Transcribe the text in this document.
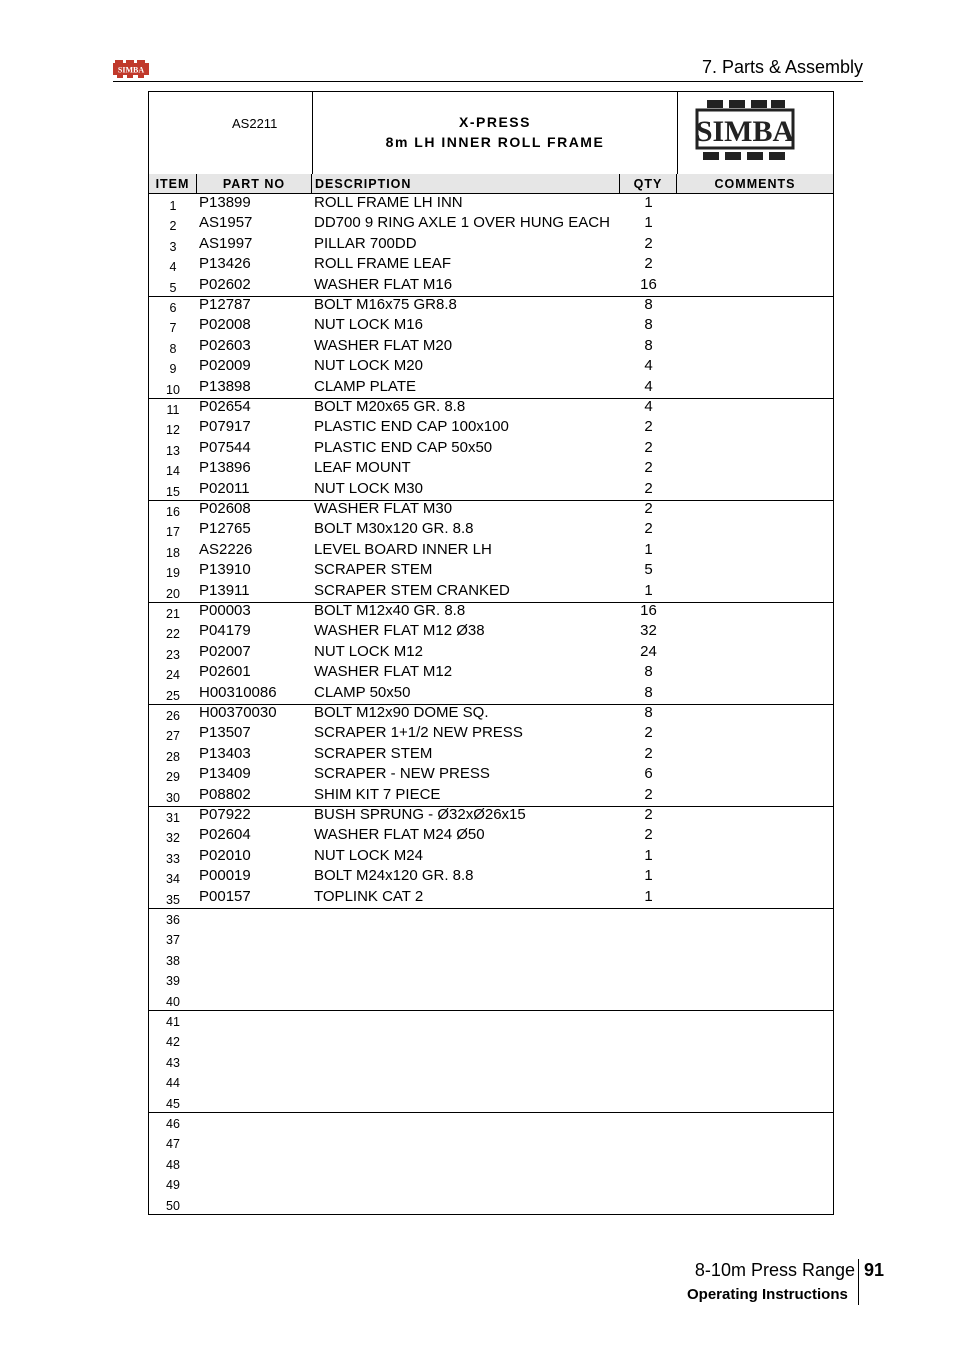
SIMBA	7. Parts & Assembly
AS2211	X-PRESS
8m LH INNER ROLL FRAME	SIMBA
ITEM	PART NO	DESCRIPTION	QTY	COMMENTS
1	P13899	ROLL FRAME LH INN	1
2	AS1957	DD700 9 RING AXLE 1 OVER HUNG EACH	1
3	AS1997	PILLAR 700DD	2
4	P13426	ROLL FRAME LEAF	2
5	P02602	WASHER FLAT M16	16
6	P12787	BOLT M16x75 GR8.8	8
7	P02008	NUT LOCK M16	8
8	P02603	WASHER FLAT M20	8
9	P02009	NUT LOCK M20	4
10	P13898	CLAMP PLATE	4
11	P02654	BOLT M20x65 GR. 8.8	4
12	P07917	PLASTIC END CAP 100x100	2
13	P07544	PLASTIC END CAP 50x50	2
14	P13896	LEAF MOUNT	2
15	P02011	NUT LOCK M30	2
16	P02608	WASHER FLAT M30	2
17	P12765	BOLT M30x120 GR. 8.8	2
18	AS2226	LEVEL BOARD INNER LH	1
19	P13910	SCRAPER STEM	5
20	P13911	SCRAPER STEM CRANKED	1
21	P00003	BOLT M12x40 GR. 8.8	16
22	P04179	WASHER FLAT M12 Ø38	32
23	P02007	NUT LOCK M12	24
24	P02601	WASHER FLAT M12	8
25	H00310086	CLAMP 50x50	8
26	H00370030	BOLT M12x90 DOME SQ.	8
27	P13507	SCRAPER 1+1/2 NEW PRESS	2
28	P13403	SCRAPER STEM	2
29	P13409	SCRAPER - NEW PRESS	6
30	P08802	SHIM KIT 7 PIECE	2
31	P07922	BUSH SPRUNG - Ø32xØ26x15	2
32	P02604	WASHER FLAT M24 Ø50	2
33	P02010	NUT LOCK M24	1
34	P00019	BOLT M24x120 GR. 8.8	1
35	P00157	TOPLINK CAT 2	1
36
37
38
39
40
41
42
43
44
45
46
47
48
49
50
8-10m Press Range 91
Operating Instructions
